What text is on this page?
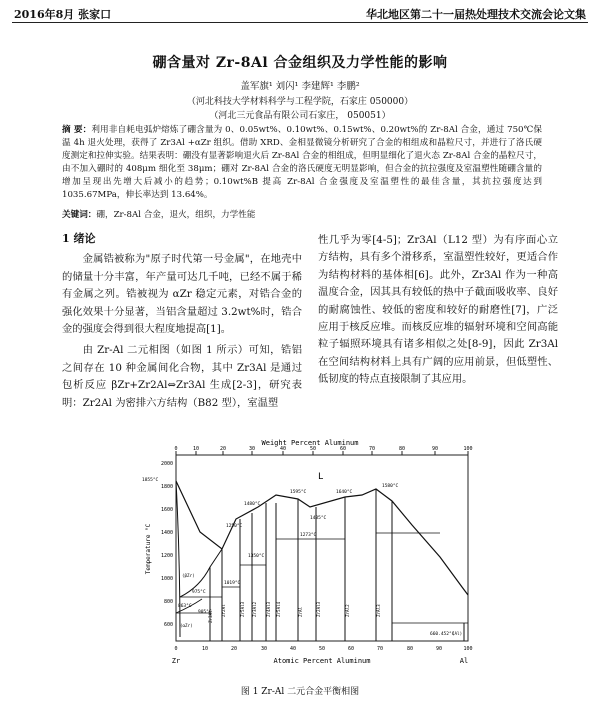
2016年8月 张家口	华北地区第二十一届热处理技术交流会论文集
硼含量对 Zr-8Al 合金组织及力学性能的影响
盖军旗¹ 刘闪¹ 李建辉¹ 李鹏²
（河北科技大学材料科学与工程学院，石家庄 050000）
（河北三元食品有限公司石家庄， 050051）
摘 要：利用非自耗电弧炉熔炼了硼含量为 0、0.05wt%、0.10wt%、0.15wt%、0.20wt%的 Zr-8Al 合金，通过 750℃保温 4h 退火处理，获得了 Zr3Al +αZr 组织。借助 XRD、金相显微镜分析研究了合金的相组成和晶粒尺寸，并进行了洛氏硬度测定和拉伸实验。结果表明：硼没有显著影响退火后 Zr-8Al 合金的相组成，但明显细化了退火态 Zr-8Al 合金的晶粒尺寸，由不加入硼时的 408μm 细化至 38μm；硼对 Zr-8Al 合金的洛氏硬度无明显影响，但合金的抗拉强度及室温塑性随硼含量的增加呈现出先增大后减小的趋势；0.10wt%B 提高 Zr-8Al 合金强度及室温塑性的最佳含量，其抗拉强度达到 1035.67MPa，伸长率达到 13.64%。
关键词：硼，Zr-8Al 合金，退火，组织，力学性能
1 绪论

金属锆被称为"原子时代第一号金属"，在地壳中的储量十分丰富，年产量可达几千吨，已经不属于稀有金属之列。锆被视为 αZr 稳定元素，对锆合金的强化效果十分显著，当铝含量超过 3.2wt%时，锆合金的强度会得到很大程度地提高[1]。

由 Zr-Al 二元相图（如图 1 所示）可知，锆铝之间存在 10 种金属间化合物，其中 Zr3Al 是通过包析反应 βZr+Zr2Al⇔Zr3Al 生成[2-3]，研究表明：Zr2Al 为密排六方结构（B82 型），室温塑

性几乎为零[4-5]；Zr3Al（L12 型）为有序面心立方结构，具有多个滑移系，室温塑性较好，更适合作为结构材料的基体相[6]。此外，Zr3Al 作为一种高温度合金，因其具有较低的热中子截面吸收率、良好的耐腐蚀性、较低的密度和较好的耐磨性[7]，广泛应用于核反应堆。而核反应堆的辐射环境和空间高能粒子辐照环境具有诸多相似之处[8-9]，因此 Zr3Al 在空间结构材料上具有广阔的应用前景，但低塑性、低韧度的特点直接限制了其应用。

Weight Percent Aluminum
0	10	20	30	40	50	60	70	80	90	100
Temperature °C
2000
1800
1600
1400
1200
1000
800
600
1855°C
1480°C
1250°C
1595°C
1485°C
1580°C
1350°C
1273°C
1019°C
975°C
905°C
863°C
660.452°C
1640°C
L
(βZr)
(αZr)
Zr3Al Zr2Al	Zr5Al3 Zr3Al2 Zr4Al3 Zr5Al4	ZrAl	Zr2Al3	ZrAl2	ZrAl3
(Al)
0	10	20	30	40	50	60	70	80	90	100
Zr	Atomic Percent Aluminum	Al
图 1 Zr-Al 二元合金平衡相图
